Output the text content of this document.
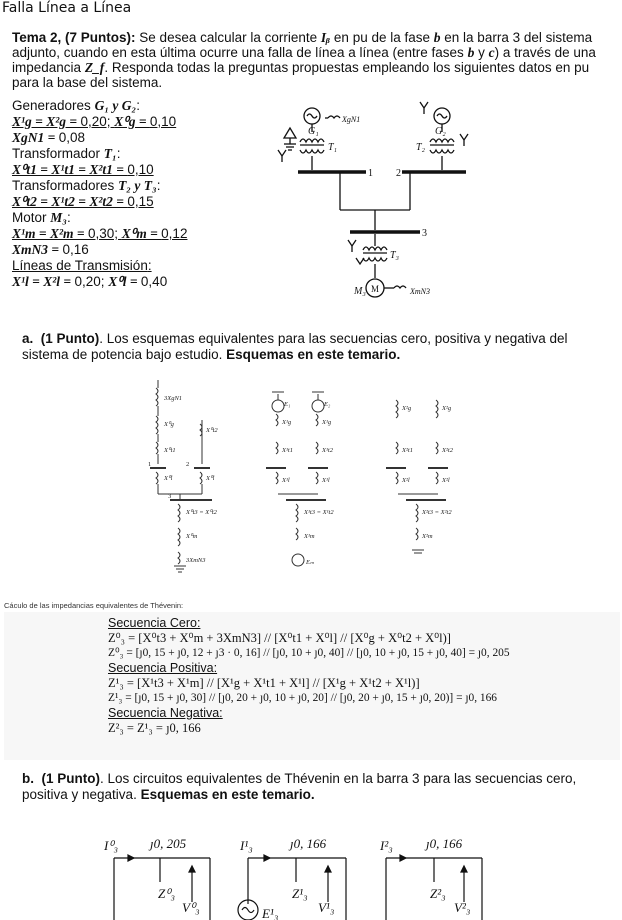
Falla Línea a Línea
Tema 2, (7 Puntos): Se desea calcular la corriente Iᵦ en pu de la fase b en la barra 3 del sistema adjunto, cuando en esta última ocurre una falla de línea a línea (entre fases b y c) a través de una impedancia Z_f. Responda todas la preguntas propuestas empleando los siguientes datos en pu para la base del sistema.
Generadores G₁ y G₂:
X¹g = X²g = 0,20; X⁰g = 0,10
XgN1 = 0,08
Transformador T₁:
X⁰t1 = X¹t1 = X²t1 = 0,10
Transformadores T₂ y T₃:
X⁰t2 = X¹t2 = X²t2 = 0,15
Motor M₃:
X¹m = X²m = 0,30; X⁰m = 0,12
XmN3 = 0,16
Líneas de Transmisión:
X¹l = X²l = 0,20; X⁰l = 0,40
G₁
XgN1
T₁
G₂
T₂
1 2
3
T₃
M₃ M	XmN3
a. (1 Punto). Los esquemas equivalentes para las secuencias cero, positiva y negativa del sistema de potencia bajo estudio. Esquemas en este temario.
3XgN1
X⁰g
X⁰t2
X⁰t1
X⁰l	X⁰l
X⁰t3 = X⁰t2
X⁰m
3XmN3
E₁	E₂
X¹g	X¹g
X¹t1	X¹t2
X¹l	X¹l
X¹t3 = X¹t2
X¹m
Eₘ
X²g	X²g
X²t1	X²t2
X²l	X²l
X²t3 = X²t2
X²m
1	2
3
Cáculo de las impedancias equivalentes de Thévenin:
Secuencia Cero:
Z⁰₃ = [X⁰t3 + X⁰m + 3XmN3] // [X⁰t1 + X⁰l] // [X⁰g + X⁰t2 + X⁰l)]
Z⁰₃ = [ȷ0, 15 + ȷ0, 12 + ȷ3 · 0, 16] // [ȷ0, 10 + ȷ0, 40] // [ȷ0, 10 + ȷ0, 15 + ȷ0, 40] = ȷ0, 205
Secuencia Positiva:
Z¹₃ = [X¹t3 + X¹m] // [X¹g + X¹t1 + X¹l] // [X¹g + X¹t2 + X¹l)]
Z¹₃ = [ȷ0, 15 + ȷ0, 30] // [ȷ0, 20 + ȷ0, 10 + ȷ0, 20] // [ȷ0, 20 + ȷ0, 15 + ȷ0, 20)] = ȷ0, 166
Secuencia Negativa:
Z²₃ = Z¹₃ = ȷ0, 166
b. (1 Punto). Los circuitos equivalentes de Thévenin en la barra 3 para las secuencias cero, positiva y negativa. Esquemas en este temario.
I⁰₃ ȷ0, 205
Z⁰₃
V⁰₃
I¹₃	ȷ0, 166
Z¹₃
V¹₃
E¹₃
I²₃	ȷ0, 166
Z²₃
V²₃
